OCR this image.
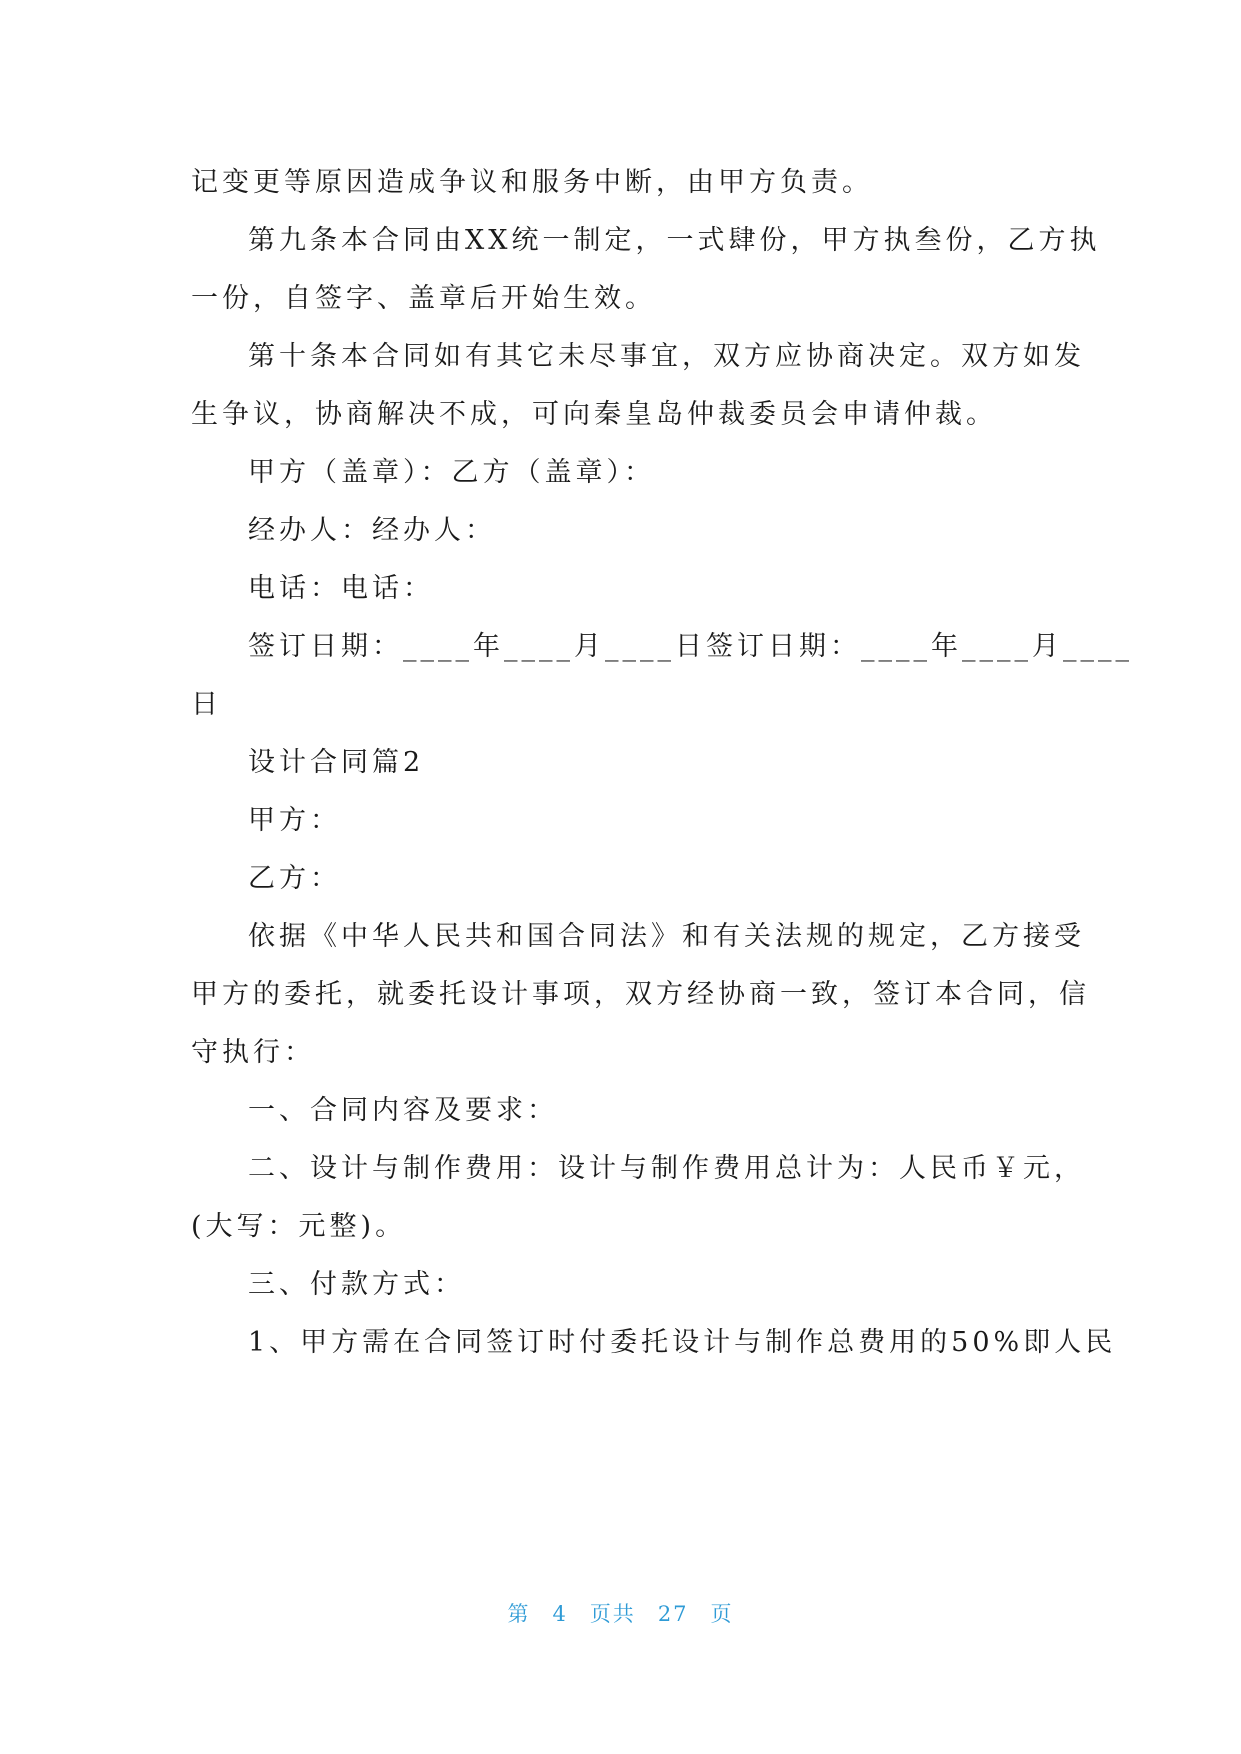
记变更等原因造成争议和服务中断，由甲方负责。
第九条本合同由XX统一制定，一式肆份，甲方执叁份，乙方执
一份，自签字、盖章后开始生效。
第十条本合同如有其它未尽事宜，双方应协商决定。双方如发
生争议，协商解决不成，可向秦皇岛仲裁委员会申请仲裁。
甲方（盖章）：乙方（盖章）：
经办人：经办人：
电话：电话：
签订日期：____年____月____日签订日期：____年____月____
日
设计合同篇2
甲方：
乙方：
依据《中华人民共和国合同法》和有关法规的规定，乙方接受
甲方的委托，就委托设计事项，双方经协商一致，签订本合同，信
守执行：
一、合同内容及要求：
二、设计与制作费用：设计与制作费用总计为：人民币￥元，
(大写：元整)。
三、付款方式：
1、甲方需在合同签订时付委托设计与制作总费用的50%即人民
第 4 页共 27 页
